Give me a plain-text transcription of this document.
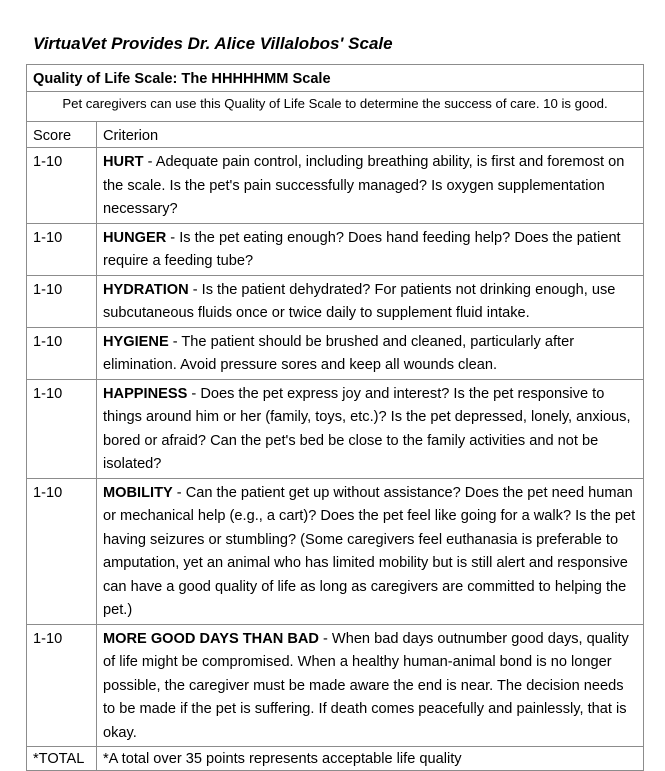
VirtuaVet Provides Dr. Alice Villalobos' Scale
Quality of Life Scale: The HHHHHMM Scale	
Pet caregivers can use this Quality of Life Scale to determine the success of care. 10 is good.	
Score	Criterion
1-10	HURT - Adequate pain control, including breathing ability, is first and foremost on the scale. Is the pet's pain successfully managed? Is oxygen supplementation necessary?
1-10	HUNGER - Is the pet eating enough? Does hand feeding help? Does the patient require a feeding tube?
1-10	HYDRATION - Is the patient dehydrated? For patients not drinking enough, use subcutaneous fluids once or twice daily to supplement fluid intake.
1-10	HYGIENE - The patient should be brushed and cleaned, particularly after elimination. Avoid pressure sores and keep all wounds clean.
1-10	HAPPINESS - Does the pet express joy and interest? Is the pet responsive to things around him or her (family, toys, etc.)? Is the pet depressed, lonely, anxious, bored or afraid? Can the pet's bed be close to the family activities and not be isolated?
1-10	MOBILITY - Can the patient get up without assistance? Does the pet need human or mechanical help (e.g., a cart)? Does the pet feel like going for a walk? Is the pet having seizures or stumbling? (Some caregivers feel euthanasia is preferable to amputation, yet an animal who has limited mobility but is still alert and responsive can have a good quality of life as long as caregivers are committed to helping the pet.)
1-10	MORE GOOD DAYS THAN BAD - When bad days outnumber good days, quality of life might be compromised. When a healthy human-animal bond is no longer possible, the caregiver must be made aware the end is near. The decision needs to be made if the pet is suffering. If death comes peacefully and painlessly, that is okay.
*TOTAL	*A total over 35 points represents acceptable life quality
